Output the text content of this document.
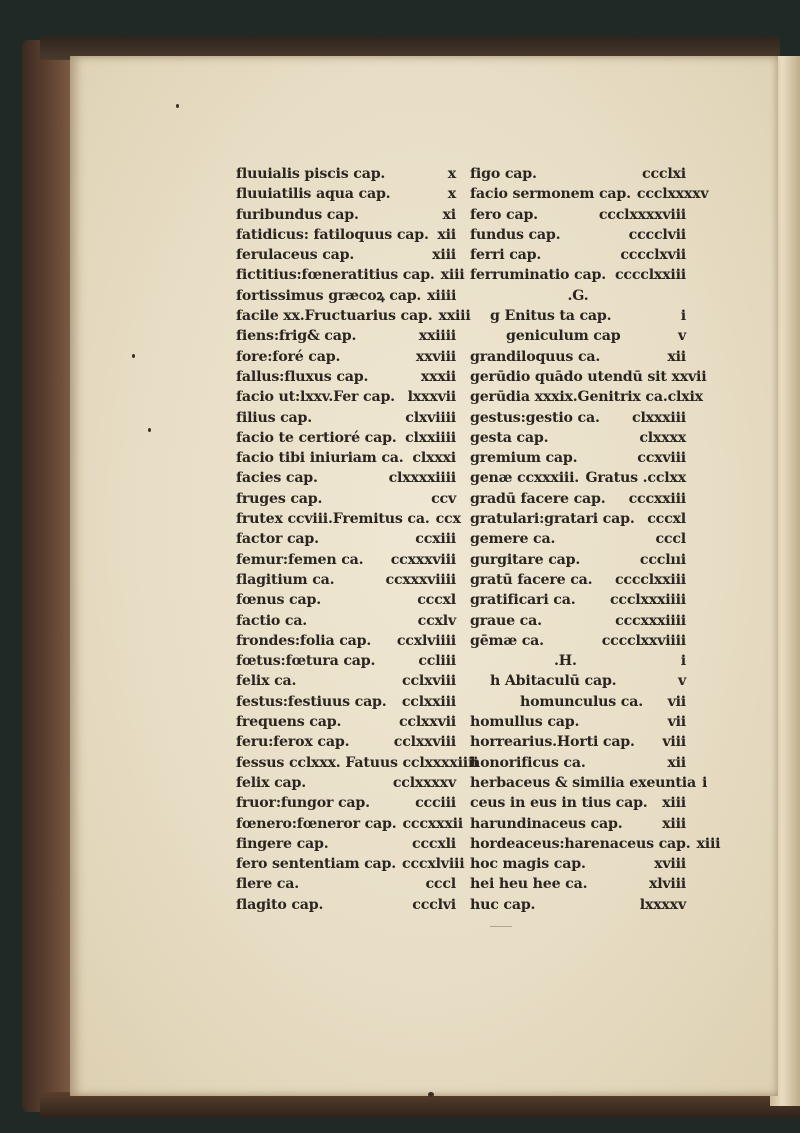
fluuialis piscis cap.	x
fluuiatilis aqua cap.	x
furibundus cap.	xi
fatidicus: fatiloquus cap. xii
ferulaceus cap.	xiii
fictitius:fœneratitius cap. xiii
fortissimus græcoꝝ cap. xiiii
facile xx.Fructuarius cap. xxiii
fiens:frig& cap.	xxiiii
fore:foré cap.	xxviii
fallus:fluxus cap.	xxxii
facio ut:lxxv.Fer cap. lxxxvii
filius cap.	clxviiii
facio te certioré cap. clxxiiii
facio tibi iniuriam ca. clxxxi
facies cap.	clxxxxiiii
fruges cap.	ccv
frutex ccviii.Fremitus ca. ccx
factor cap.	ccxiii
femur:femen ca.	ccxxxviii
flagitium ca.	ccxxxviiii
fœnus cap.	cccxl
factio ca.	ccxlv
frondes:folia cap.	ccxlviiii
fœtus:fœtura cap.	ccliii
felix ca.	cclxviii
festus:festiuus cap.	cclxxiii
frequens cap.	cclxxvii
feru:ferox cap.	cclxxviii
fessus cclxxx. Fatuus cclxxxxiiii
felix cap.	cclxxxxv
fruor:fungor cap.	ccciii
fœnero:fœneror cap. cccxxxii
fingere cap.	cccxli
fero sententiam cap. cccxlviii
flere ca.	cccl
flagito cap.	ccclvi
figo cap.	ccclxi
facio sermonem cap. ccclxxxxv
fero cap.	ccclxxxxviii
fundus cap.	cccclvii
ferri cap.	cccclxvii
ferruminatio cap. cccclxxiii
.G.
g Enitus ta cap.	i
geniculum cap	v
grandiloquus ca.	xii
gerūdio quādo utendū sit xxvii
gerūdia xxxix.Genitrix ca.clxix
gestus:gestio ca.	clxxxiii
gesta cap.	clxxxx
gremium cap.	ccxviii
genæ ccxxxiii. Gratus .cclxx
gradū facere cap.	cccxxiii
gratulari:gratari cap. cccxl
gemere ca.	cccl
gurgitare cap.	ccclııi
gratū facere ca.	cccclxxiii
gratificari ca.	ccclxxxiiii
graue ca.	cccxxxiiii
gēmæ ca.	cccclxxviiii
.H.	i
h Abitaculū cap.	v
homunculus ca.	vii
homullus cap.	vii
horrearius.Horti cap.	viii
honorificus ca.	xii
herbaceus & similia exeuntia i
ceus in eus in tius cap.	xiii
harundinaceus cap.	xiii
hordeaceus:harenaceus cap. xiii
hoc magis cap.	xviii
hei heu hee ca.	xlviii
huc cap.	lxxxxv
